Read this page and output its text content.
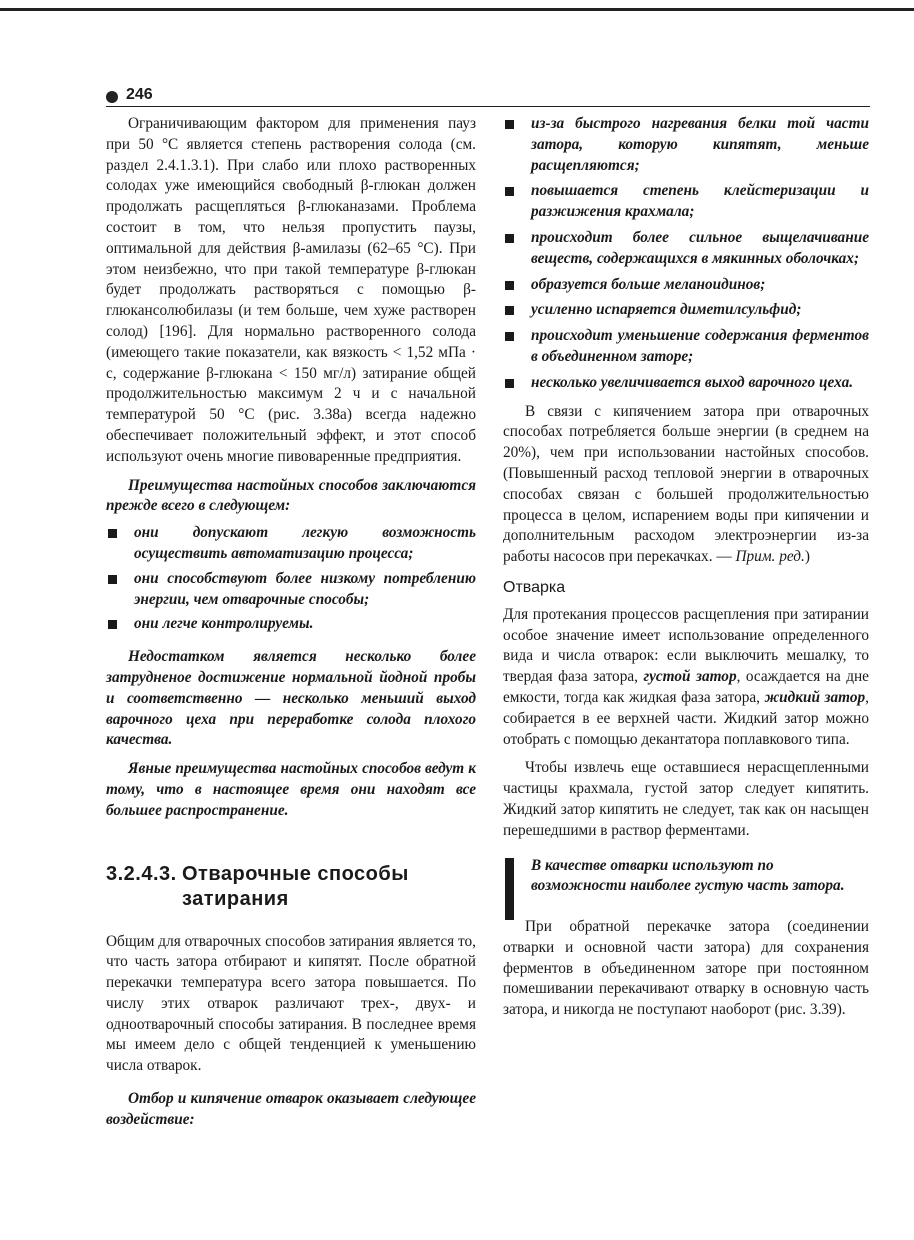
246

Ограничивающим фактором для применения пауз при 50 °С является степень растворения солода (см. раздел 2.4.1.3.1). При слабо или плохо растворенных солодах уже имеющийся свободный β-глюкан должен продолжать расщепляться β-глюканазами. Проблема состоит в том, что нельзя пропустить паузы, оптимальной для действия β-амилазы (62–65 °С). При этом неизбежно, что при такой температуре β-глюкан будет продолжать растворяться с помощью β-глюкансолюбилазы (и тем больше, чем хуже растворен солод) [196]. Для нормально растворенного солода (имеющего такие показатели, как вязкость < 1,52 мПа · с, содержание β-глюкана < 150 мг/л) затирание общей продолжительностью максимум 2 ч и с начальной температурой 50 °С (рис. 3.38а) всегда надежно обеспечивает положительный эффект, и этот способ используют очень многие пивоваренные предприятия.

Преимущества настойных способов заключаются прежде всего в следующем:

они допускают легкую возможность осуществить автоматизацию процесса;
они способствуют более низкому потреблению энергии, чем отварочные способы;
они легче контролируемы.

Недостатком является несколько более затрудненое достижение нормальной йодной пробы и соответственно — несколько меньший выход варочного цеха при переработке солода плохого качества.

Явные преимущества настойных способов ведут к тому, что в настоящее время они находят все большее распространение.

3.2.4.3. Отварочные способы
затирания

Общим для отварочных способов затирания является то, что часть затора отбирают и кипятят. После обратной перекачки температура всего затора повышается. По числу этих отварок различают трех-, двух- и одноотварочный способы затирания. В последнее время мы имеем дело с общей тенденцией к уменьшению числа отварок.

Отбор и кипячение отварок оказывает следующее воздействие:

из-за быстрого нагревания белки той части затора, которую кипятят, меньше расщепляются;
повышается степень клейстеризации и разжижения крахмала;
происходит более сильное выщелачивание веществ, содержащихся в мякинных оболочках;
образуется больше меланоидинов;
усиленно испаряется диметилсульфид;
происходит уменьшение содержания ферментов в объединенном заторе;
несколько увеличивается выход варочного цеха.

В связи с кипячением затора при отварочных способах потребляется больше энергии (в среднем на 20%), чем при использовании настойных способов. (Повышенный расход тепловой энергии в отварочных способах связан с большей продолжительностью процесса в целом, испарением воды при кипячении и дополнительным расходом электроэнергии из-за работы насосов при перекачках. — Прим. ред.)

Отварка

Для протекания процессов расщепления при затирании особое значение имеет использование определенного вида и числа отварок: если выключить мешалку, то твердая фаза затора, густой затор, осаждается на дне емкости, тогда как жидкая фаза затора, жидкий затор, собирается в ее верхней части. Жидкий затор можно отобрать с помощью декантатора поплавкового типа.

Чтобы извлечь еще оставшиеся нерасщепленными частицы крахмала, густой затор следует кипятить. Жидкий затор кипятить не следует, так как он насыщен перешедшими в раствор ферментами.

В качестве отварки используют по возможности наиболее густую часть затора.

При обратной перекачке затора (соединении отварки и основной части затора) для сохранения ферментов в объединенном заторе при постоянном помешивании перекачивают отварку в основную часть затора, и никогда не поступают наоборот (рис. 3.39).
